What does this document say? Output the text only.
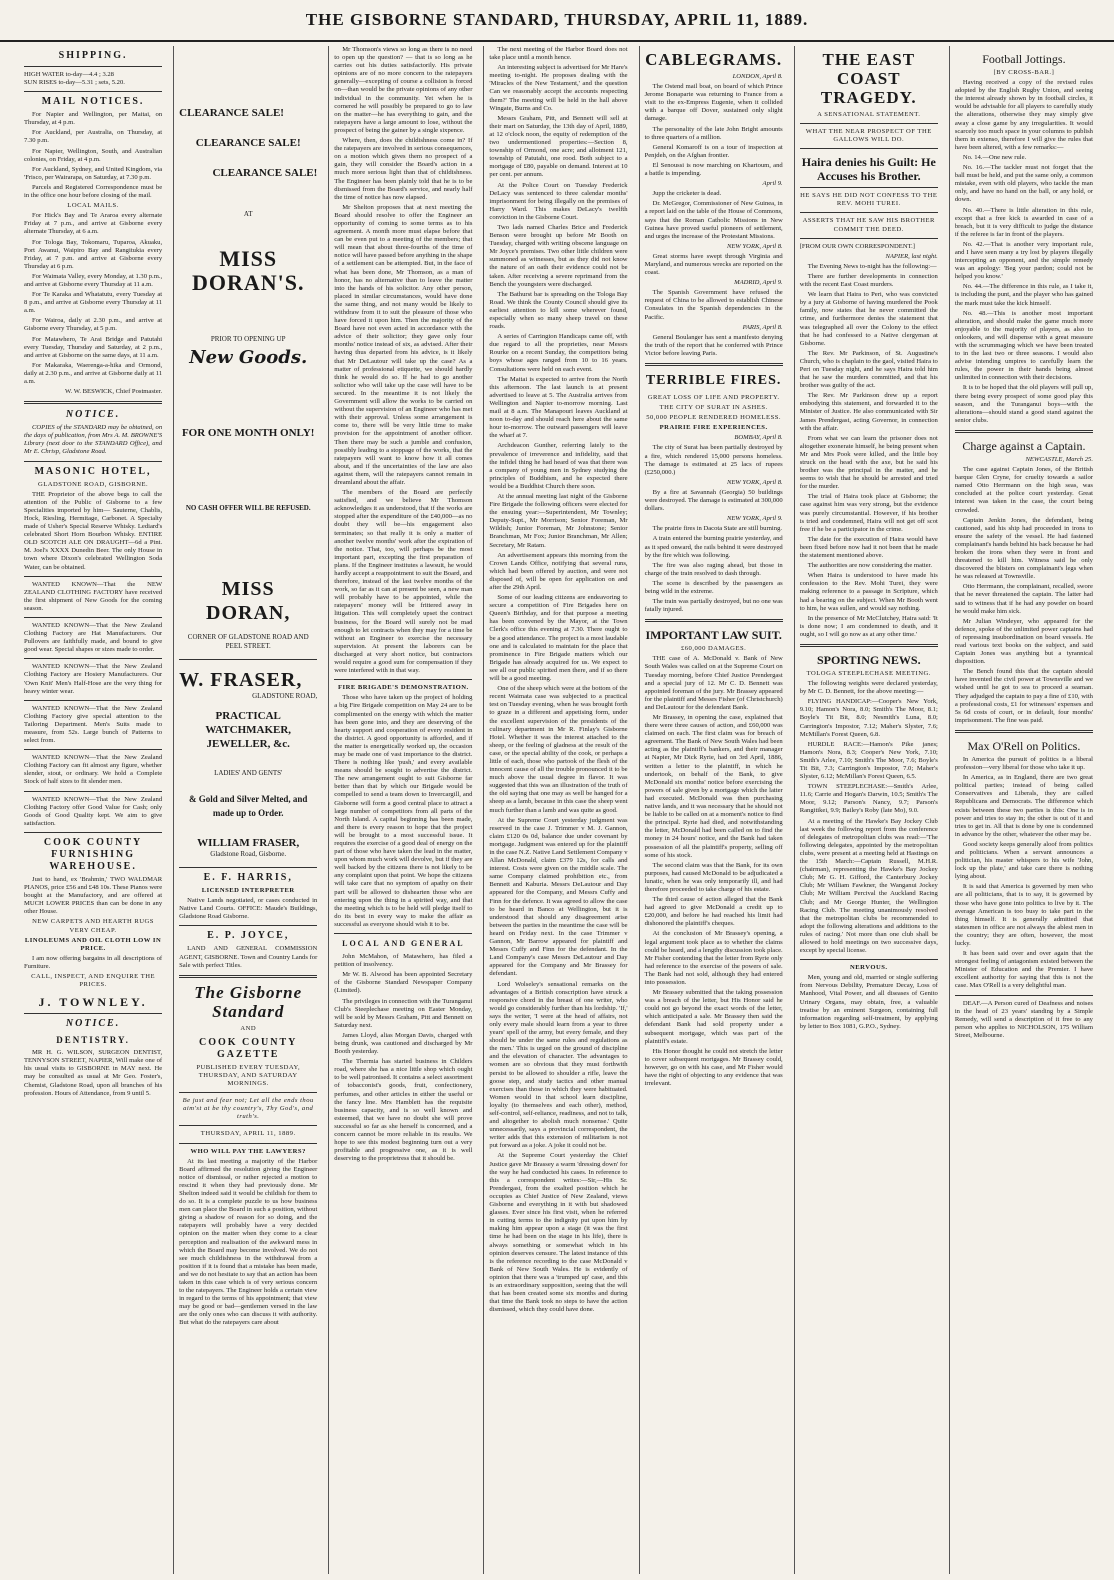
THE GISBORNE STANDARD, THURSDAY, APRIL 11, 1889.
SHIPPING.
HIGH WATER to-day—4.4 ; 3.28
SUN RISES to-day—5.31 ; sets, 5.20.
MAIL NOTICES.

For Napier and Wellington, per Maitai, on Thursday, at 4 p.m.

For Auckland, per Australia, on Thursday, at 7.30 p.m.

For Napier, Wellington, South, and Australian colonies, on Friday, at 4 p.m.

For Auckland, Sydney, and United Kingdom, via 'Frisco, per Wairarapa, on Saturday, at 7.30 p.m.

Parcels and Registered Correspondence must be in the office one hour before closing of the mail.

LOCAL MAILS.

For Hick's Bay and Te Araroa every alternate Friday at 7 p.m., and arrive at Gisborne every alternate Thursday, at 6 a.m.

For Tologa Bay, Tokomaru, Tuparoa, Akuaku, Port Awanui, Waipiro Bay and Rangitukia every Friday, at 7 p.m. and arrive at Gisborne every Thursday at 6 p.m.

For Waimata Valley, every Monday, at 1.30 p.m., and arrive at Gisborne every Thursday at 11 a.m.

For Te Karaka and Whatatutu, every Tuesday at 8 p.m., and arrive at Gisborne every Thursday at 11 a.m.

For Wairoa, daily at 2.30 p.m., and arrive at Gisborne every Thursday, at 5 p.m.

For Matawhero, Te Arai Bridge and Patutahi every Tuesday, Thursday and Saturday, at 2 p.m., and arrive at Gisborne on the same days, at 11 a.m.

For Makaraka, Waerenga-a-hika and Ormond, daily at 2.30 p.m., and arrive at Gisborne daily at 11 a.m.

W. W. BESWICK, Chief Postmaster.
NOTICE.

COPIES of the STANDARD may be obtained, on the days of publication, from Mrs A. M. BROWNE'S Library (next door to the STANDARD Office), and Mr E. Chrisp, Gladstone Road.

MASONIC HOTEL,
GLADSTONE ROAD, GISBORNE.

THE Proprietor of the above begs to call the attention of the Public of Gisborne to a few Specialities imported by him— Sauterne, Chablis, Hock, Riesling, Hermitage, Carbonet. A Specialty made of Usher's Special Reserve Whisky. Lediard's celebrated Short Horn Bourbon Whisky. ENTIRE OLD SCOTCH ALE ON DRAUGHT—6d a Pint. M. Joel's XXXX Dunedin Beer. The only House in town where Dixon's celebrated Wellington Soda Water, can be obtained.

WANTED KNOWN—That the NEW ZEALAND CLOTHING FACTORY have received the first shipment of New Goods for the coming season.

WANTED KNOWN—That the New Zealand Clothing Factory are Hat Manufacturers. Our Pullovers are faithfully made, and bound to give good wear. Special shapes or sizes made to order.

WANTED KNOWN—That the New Zealand Clothing Factory are Hosiery Manufacturers. Our 'Own Knit' Men's Half-Hose are the very thing for heavy winter wear.

WANTED KNOWN—That the New Zealand Clothing Factory give special attention to the Tailoring Department. Men's Suits made to measure, from 52s. Large bunch of Patterns to select from.

WANTED KNOWN—That the New Zealand Clothing Factory can fit almost any figure, whether slender, stout, or ordinary. We hold a Complete Stock of half sizes to fit slender men.

WANTED KNOWN—That the New Zealand Clothing Factory offer Good Value for Cash; only Goods of Good Quality kept. We aim to give satisfaction.

COOK COUNTY FURNISHING WAREHOUSE.

Just to hand, ex 'Brahmin,' TWO WALDMAR PIANOS, price £56 and £48 10s. These Pianos were bought at the Manufactory, and are offered at MUCH LOWER PRICES than can be done in any other House.

NEW CARPETS AND HEARTH RUGS VERY CHEAP.
LINOLEUMS AND OIL CLOTH LOW IN PRICE.

I am now offering bargains in all descriptions of Furniture.

CALL, INSPECT, AND ENQUIRE THE PRICES.
J. TOWNLEY.
NOTICE.
DENTISTRY.

MR H. G. WILSON, SURGEON DENTIST, TENNYSON STREET, NAPIER, Will make one of his usual visits to GISBORNE in MAY next. He may be consulted as usual at Mr Geo. Foster's, Chemist, Gladstone Road, upon all branches of his profession. Hours of Attendance, from 9 until 5.

CLEARANCE SALE!
CLEARANCE SALE!
CLEARANCE SALE!
AT
MISS DORAN'S.
PRIOR TO OPENING UP
New Goods.
FOR ONE MONTH ONLY!
NO CASH OFFER WILL BE REFUSED.
MISS DORAN,
CORNER OF GLADSTONE ROAD AND PEEL STREET.
W. FRASER,
GLADSTONE ROAD,
PRACTICAL WATCHMAKER,
JEWELLER, &c.
LADIES' AND GENTS'
& Gold and Silver Melted, and made up to Order.
WILLIAM FRASER,
Gladstone Road, Gisborne.
E. F. HARRIS,
LICENSED INTERPRETER

Native Lands negotiated, or cases conducted in Native Land Courts. OFFICE: Maude's Buildings, Gladstone Road Gisborne.

E. P. JOYCE,

LAND AND GENERAL COMMISSION AGENT, GISBORNE. Town and Country Lands for Sale with perfect Titles.

The Gisborne Standard
AND
COOK COUNTY GAZETTE
PUBLISHED EVERY TUESDAY, THURSDAY, AND SATURDAY MORNINGS.
Be just and fear not; Let all the ends thou aim'st at be thy country's, Thy God's, and truth's.
THURSDAY, APRIL 11, 1889.
WHO WILL PAY THE LAWYERS?

At its last meeting a majority of the Harbor Board affirmed the resolution giving the Engineer notice of dismissal, or rather rejected a motion to rescind it when they had previously done. Mr Shelton indeed said it would be childish for them to do so. It is a complete puzzle to us how business men can place the Board in such a position, without giving a shadow of reason for so doing, and the ratepayers will probably have a very decided opinion on the matter when they come to a clear perception and realisation of the awkward mess in which the Board may become involved. We do not see much childishness in the withdrawal from a position if it is found that a mistake has been made, and we do not hesitate to say that an action has been taken in this case which is of very serious concern to the ratepayers. The Engineer holds a certain view in regard to the terms of his appointment; that view may be good or bad—gentlemen versed in the law are the only ones who can discuss it with authority. But what do the ratepayers care about

Mr Thomson's views so long as there is no need to open up the question? — that is so long as he carries out his duties satisfactorily. His private opinions are of no more concern to the ratepayers generally—excepting of course a collision is forced on—than would be the private opinions of any other individual in the community. Yet when he is cornered he will possibly be prepared to go to law on the matter—he has everything to gain, and the ratepayers have a large amount to lose, without the prospect of being the gainer by a single sixpence.

Where, then, does the childishness come in? If the ratepayers are involved in serious consequences, on a motion which gives them no prospect of a gain, they will consider the Board's action in a much more serious light than that of childishness. The Engineer has been plainly told that he is to be dismissed from the Board's service, and nearly half the time of notice has now elapsed.

Mr Shelton proposes that at next meeting the Board should resolve to offer the Engineer an opportunity of coming to some terms as to his agreement. A month more must elapse before that can be even put to a meeting of the members; that will mean that about three-fourths of the time of notice will have passed before anything in the shape of a settlement can be attempted. But, in the face of what has been done, Mr Thomson, as a man of honor, has no alternative than to leave the matter into the hands of his solicitor. Any other person, placed in similar circumstances, would have done the same thing, and not many would be likely to withdraw from it to suit the pleasure of those who have forced it upon him. Then the majority of the Board have not even acted in accordance with the advice of their solicitor; they gave only four months' notice instead of six, as advised. After their having thus departed from his advice, is it likely that Mr DeLautour will take up the case? As a matter of professional etiquette, we should hardly think he would do so. If he had to go another solicitor who will take up the case will have to be secured. In the meantime it is not likely the Government will allow the works to be carried on without the supervision of an Engineer who has met with their approval. Unless some arrangement is come to, there will be very little time to make provision for the appointment of another officer. Then there may be such a jumble and confusion, possibly leading to a stoppage of the works, that the ratepayers will want to know how it all comes about, and if the uncertainties of the law are also against them, will the ratepayers cannot remain in dreamland about the affair.

The members of the Board are perfectly satisfied, and we believe Mr Thomson acknowledges it as understood, that if the works are stopped after the expenditure of the £40,000—as no doubt they will be—his engagement also terminates; so that really it is only a matter of another twelve months' work after the expiration of the notice. That, too, will perhaps be the most important part, excepting the first preparation of plans. If the Engineer institutes a lawsuit, he would hardly accept a reappointment to suit the Board, and therefore, instead of the last twelve months of the work, so far as it can at present be seen, a new man will probably have to be appointed, while the ratepayers' money will be frittered away in litigation. This will completely upset the contract business, for the Board will surely not be mad enough to let contracts when they may for a time be without an Engineer to exercise the necessary supervision. At present the laborers can be discharged at very short notice, but contractors would require a good sum for compensation if they were interfered with in that way.

FIRE BRIGADE'S DEMONSTRATION.

Those who have taken up the project of holding a big Fire Brigade competition on May 24 are to be complimented on the energy with which the matter has been gone into, and they are deserving of the hearty support and cooperation of every resident in the district. A good opportunity is afforded, and if the matter is energetically worked up, the occasion may be made one of vast importance to the district. There is nothing like 'push,' and every available means should be sought to advertise the district. The new arrangement ought to suit Gisborne far better than that by which our Brigade would be compelled to send a team down to Invercargill, and Gisborne will form a good central place to attract a large number of competitors from all parts of the North Island. A capital beginning has been made, and there is every reason to hope that the project will be brought to a most successful issue. It requires the exercise of a good deal of energy on the part of those who have taken the lead in the matter, upon whom much work will devolve, but if they are well backed by the citizens there is not likely to be any complaint upon that point. We hope the citizens will take care that no symptom of apathy on their part will be allowed to dishearten those who are entering upon the thing in a spirited way, and that the meeting which is to be held will pledge itself to do its best in every way to make the affair as successful as everyone should wish it to be.

LOCAL AND GENERAL

John McMahon, of Matawhero, has filed a petition of insolvency.

Mr W. B. Alwood has been appointed Secretary of the Gisborne Standard Newspaper Company (Limited).

The privileges in connection with the Turanganui Club's Steeplechase meeting on Easter Monday, will be sold by Messrs Graham, Pitt and Bennett on Saturday next.

James Lloyd, alias Morgan Davis, charged with being drunk, was cautioned and discharged by Mr Booth yesterday.

The Thermia has started business in Childers road, where she has a nice little shop which ought to be well patronised. It contains a select assortment of tobacconist's goods, fruit, confectionery, perfumes, and other articles in either the useful or the fancy line. Mrs Hamblett has the requisite business capacity, and is so well known and esteemed, that we have no doubt she will prove successful so far as she herself is concerned, and a concern cannot be more reliable in its results. We hope to see this modest beginning turn out a very profitable and progressive one, as it is well deserving to the proprietress that it should be.

The next meeting of the Harbor Board does not take place until a month hence.

An interesting subject is advertised for Mr Hare's meeting to-night. He proposes dealing with the 'Miracles of the New Testament,' and the question Can we reasonably accept the accounts respecting them?' The meeting will be held in the hall above Wingate, Burns and Co.

Messrs Graham, Pitt, and Bennett will sell at their mart on Saturday, the 13th day of April, 1889, at 12 o'clock noon, the equity of redemption of the two undermentioned properties:—Section 8, township of Ormond, one acre; and allotment 121, township of Patutahi, one rood. Both subject to a mortgage of £80, payable on demand. Interest at 10 per cent. per annum.

At the Police Court on Tuesday Frederick DeLacy was sentenced to three calendar months' imprisonment for being illegally on the premises of Harry Ward. This makes DeLacy's twelfth conviction in the Gisborne Court.

Two lads named Charles Brice and Frederick Benson were brought up before Mr Booth on Tuesday, charged with writing obscene language on Mr Joyce's premises. Two other little children were summoned as witnesses, but as they did not know the nature of an oath their evidence could not be taken. After receiving a severe reprimand from the Bench the youngsters were discharged.

The Bathurst bar is spreading on the Tologa Bay Road. We think the County Council should give its earliest attention to kill some wherever found, especially when so many sheep travel on these roads.

A series of Carrington Handicaps came off, with due regard to all the proprieties, near Messrs Rourke on a recent Sunday, the competitors being boys whose ages ranged from 10 to 16 years. Consultations were held on each event.

The Maitai is expected to arrive from the North this afternoon. The last launch is at present advertised to leave at 5. The Australia arrives from Wellington and Napier to-morrow morning. Last mail at 8 a.m. The Manapouri leaves Auckland at noon to-day and should reach here about the same hour to-morrow. The outward passengers will leave the wharf at 7.

Archdeacon Gunther, referring lately to the prevalence of irreverence and infidelity, said that the infidel thing he had heard of was that there was a company of young men in Sydney studying the principles of Buddhism, and he expected there would be a Buddhist Church there soon.

At the annual meeting last night of the Gisborne Fire Brigade the following officers were elected for the ensuing year:—Superintendent, Mr Townley; Deputy-Supt., Mr Morrison; Senior Foreman, Mr Wildish; Junior Foreman, Mr Johnstone; Senior Branchman, Mr Fox; Junior Branchman, Mr Allen; Secretary, Mr Ratam.

An advertisement appears this morning from the Crown Lands Office, notifying that several runs, which had been offered by auction, and were not disposed of, will be open for application on and after the 29th April.

Some of our leading citizens are endeavoring to secure a competition of Fire Brigades here on Queen's Birthday, and for that purpose a meeting has been convened by the Mayor, at the Town Clerk's office this evening at 7.30. There ought to be a good attendance. The project is a most laudable one and is calculated to maintain for the place that prominence in Fire Brigade matters which our Brigade has already acquired for us. We expect to see all our public spirited men there, and if so there will be a good meeting.

One of the sheep which were at the bottom of the recent Waimata case was subjected to a practical test on Tuesday evening, when he was brought forth to graze in a different and appetising form, under the excellent supervision of the presidents of the culinary department in Mr R. Finlay's Gisborne Hotel. Whether it was the interest attached to the sheep, or the feeling of gladness at the result of the case, or the special ability of the cook, or perhaps a little of each, those who partook of the flesh of the innocent cause of all the trouble pronounced it to be much above the usual degree in flavor. It was suggested that this was an illustration of the truth of the old saying that one may as well be hanged for a sheep as a lamb, because in this case the sheep went much further than a lamb and was quite as good.

At the Supreme Court yesterday judgment was reserved in the case J. Trimmer v M. J. Gannon, claim £120 0s 0d, balance due under covenant by mortgage. Judgment was entered up for the plaintiff in the case N.Z. Native Land Settlement Company v Allan McDonald, claim £379 12s, for calls and interest. Costs were given on the middle scale. The same Company claimed prohibition etc., from Bennett and Kaburia. Messrs DeLautour and Day appeared for the Company, and Messrs Cuffy and Finn for the defence. It was agreed to allow the case to be heard in Banco at Wellington, but it is understood that should any disagreement arise between the parties in the meantime the case will be heard on Friday next. In the case Trimmer v Gannon, Mr Barrow appeared for plaintiff and Messrs Cuffy and Finn for the defendant. In the Land Company's case Messrs DeLautour and Day appeared for the Company and Mr Brassey for defendant.

Lord Wolseley's sensational remarks on the advantages of a British conscription have struck a responsive chord in the breast of one writer, who would go considerably further than his lordship. 'If,' says the writer, 'I were at the head of affairs, not only every male should learn from a year to three years' spell of the army, but every female, and they should be under the same rules and regulations as the men.' This is urged on the ground of discipline and the elevation of character. The advantages to women are so obvious that they must forthwith persist to be allowed to shoulder a rifle, leave the goose step, and study tactics and other manual exercises than those in which they were habituated. Women would in that school learn discipline, loyalty (to themselves and each other), method, self-control, self-reliance, readiness, and not to talk, and altogether to abolish much nonsense.' Quite unnecessarily, says a provincial correspondent, the writer adds that this extension of militarism is not put forward as a joke. A joke it could not be.

At the Supreme Court yesterday the Chief Justice gave Mr Brassey a warm 'dressing down' for the way he had conducted his cases. In reference to this a correspondent writes:—Sir,—His Sr. Prendergast, from the exalted position which he occupies as Chief Justice of New Zealand, views Gisborne and everything in it with but shadowed glasses. Ever since his first visit, when he referred in cutting terms to the indignity put upon him by making him appear upon a stage (it was the first time he had been on the stage in his life), there is always something or somewhat which in his opinion deserves censure. The latest instance of this is the reference recording to the case McDonald v Bank of New South Wales. He is evidently of opinion that there was a 'trumped up' case, and this is an extraordinary supposition, seeing that the will that has been created some six months and during that time the Bank took no steps to have the action dismissed, which they could have done.

CABLEGRAMS.
LONDON, April 8.

The Ostend mail boat, on board of which Prince Jerome Bonaparte was returning to France from a visit to the ex-Empress Eugenie, when it collided with a barque off Dover, sustained only slight damage.

The personality of the late John Bright amounts to three quarters of a million.

General Komaroff is on a tour of inspection at Penjdeh, on the Afghan frontier.

El Senoussi is now marching on Khartoum, and a battle is impending.

April 9.

Jupp the cricketer is dead.

Dr. McGregor, Commissioner of New Guinea, in a report laid on the table of the House of Commons, says that the Roman Catholic Missions in New Guinea have proved useful pioneers of settlement, and urges the increase of the Protestant Missions.

NEW YORK, April 8.

Great storms have swept through Virginia and Maryland, and numerous wrecks are reported on the coast.

MADRID, April 9.

The Spanish Government have refused the request of China to be allowed to establish Chinese Consulates in the Spanish dependencies in the Pacific.

PARIS, April 8.

General Boulanger has sent a manifesto denying the truth of the report that he conferred with Prince Victor before leaving Paris.

TERRIBLE FIRES.
GREAT LOSS OF LIFE AND PROPERTY.
THE CITY OF SURAT IN ASHES.
50,000 PEOPLE RENDERED HOMELESS.
PRAIRIE FIRE EXPERIENCES.
BOMBAY, April 8.

The city of Surat has been partially destroyed by a fire, which rendered 15,000 persons homeless. The damage is estimated at 25 lacs of rupees (£250,000.)

NEW YORK, April 8.

By a fire at Savannah (Georgia) 50 buildings were destroyed. The damage is estimated at 300,000 dollars.

NEW YORK, April 9.

The prairie fires in Dacota State are still burning.

A train entered the burning prairie yesterday, and as it sped onward, the rails behind it were destroyed by the fire which was following.

The fire was also raging ahead, but those in charge of the train resolved to dash through.

The scene is described by the passengers as being wild in the extreme.

The train was partially destroyed, but no one was fatally injured.

IMPORTANT LAW SUIT.
£60,000 DAMAGES.

THE case of A. McDonald v. Bank of New South Wales was called on at the Supreme Court on Tuesday morning, before Chief Justice Prendergast and a special jury of 12. Mr C. D. Bennett was appointed foreman of the jury. Mr Brassey appeared for the plaintiff and Messrs Fisher (of Christchurch) and DeLautour for the defendant Bank.

Mr Brassey, in opening the case, explained that there were three causes of action, and £60,000 was claimed on each. The first claim was for breach of agreement. The Bank of New South Wales had been acting as the plaintiff's bankers, and their manager at Napier, Mr Dick Ryrie, had on 3rd April, 1886, written a letter to the plaintiff, in which he undertook, on behalf of the Bank, to give McDonald six months' notice before exercising the powers of sale given by a mortgage which the latter had executed. McDonald was then purchasing native lands, and it was necessary that he should not be liable to be called on at a moment's notice to find the principal. Ryrie had died, and notwithstanding the letter, McDonald had been called on to find the money in 24 hours' notice, and the Bank had taken possession of all the plaintiff's property, selling off some of his stock.

The second claim was that the Bank, for its own purposes, had caused McDonald to be adjudicated a lunatic, when he was only temporarily ill, and had therefore proceeded to take charge of his estate.

The third cause of action alleged that the Bank had agreed to give McDonald a credit up to £20,000, and before he had reached his limit had dishonored the plaintiff's cheques.

At the conclusion of Mr Brassey's opening, a legal argument took place as to whether the claims could be heard, and a lengthy discussion took place. Mr Fisher contending that the letter from Ryrie only had reference to the exercise of the powers of sale. The Bank had not sold, although they had entered into possession.

Mr Brassey submitted that the taking possession was a breach of the letter, but His Honor said he could not go beyond the exact words of the letter, which anticipated a sale. Mr Brassey then said the defendant Bank had sold property under a subsequent mortgage, which was part of the plaintiff's estate.

His Honor thought he could not stretch the letter to cover subsequent mortgages. Mr Brassey could, however, go on with his case, and Mr Fisher would have the right of objecting to any evidence that was irrelevant.

THE EAST COAST TRAGEDY.
A SENSATIONAL STATEMENT.
WHAT THE NEAR PROSPECT OF THE GALLOWS WILL DO.
Haira denies his Guilt: He Accuses his Brother.
HE SAYS HE DID NOT CONFESS TO THE REV. MOHI TUREI.
ASSERTS THAT HE SAW HIS BROTHER COMMIT THE DEED.
[FROM OUR OWN CORRESPONDENT.]
NAPIER, last night.

The Evening News to-night has the following:—

There are further developments in connection with the recent East Coast murders.

We learn that Haira to Peri, who was convicted by a jury at Gisborne of having murdered the Pook family, now states that he never committed the crime, and furthermore denies the statement that was telegraphed all over the Colony to the effect that he had confessed to a Native clergyman at Gisborne.

The Rev. Mr Parkinson, of St. Augustine's Church, who is chaplain to the gaol, visited Haira to Peri on Tuesday night, and he says Haira told him that he saw the murders committed, and that his brother was guilty of the act.

The Rev. Mr Parkinson drew up a report embodying this statement, and forwarded it to the Minister of Justice. He also communicated with Sir James Prendergast, acting Governor, in connection with the affair.

From what we can learn the prisoner does not altogether exonerate himself, he being present when Mr and Mrs Pook were killed, and the little boy struck on the head with the axe, but he said his brother was the principal in the matter, and he seems to wish that he should be arrested and tried for the murder.

The trial of Haira took place at Gisborne; the case against him was very strong, but the evidence was purely circumstantial. However, if his brother is tried and condemned, Haira will not get off scot free if he be a participator in the crime.

The date for the execution of Haira would have been fixed before now had it not been that he made the statement mentioned above.

The authorities are now considering the matter.

When Haira is understood to have made his confession to the Rev. Mohi Turei, they were making reference to a passage in Scripture, which had a bearing on the subject. When Mr Booth went to him, he was sullen, and would say nothing.

In the presence of Mr McClutchey, Haira said: 'It is done now; I am condemned to death, and it ought, so I will go now as at any other time.'

SPORTING NEWS.
TOLOGA STEEPLECHASE MEETING.

The following weights were declared yesterday, by Mr C. D. Bennett, for the above meeting:—

FLYING HANDICAP:—Cooper's New York, 9.10; Hamon's Nora, 8.0; Smith's The Moor, 8.1; Boyle's Tit Bit, 8.0; Nesmith's Luna, 8.0; Carrington's Impostor, 7.12; Maher's Slyster, 7.6; McMillan's Forest Queen, 6.8.

HURDLE RACE:—Hamon's Pike janes; Hamon's Nora, 8.3; Cooper's New York, 7.10; Smith's Arlee, 7.10; Smith's The Moor, 7.6; Boyle's Tit Bit, 7.3; Carrington's Impostor, 7.0; Maher's Slyster, 6.12; McMillan's Forest Queen, 6.5.

TOWN STEEPLECHASE:—Smith's Arlee, 11.6; Carrie and Hogan's Darwin, 10.5; Smith's The Moor, 9.12; Parson's Nancy, 9.7; Parson's Rangitikei, 9.9; Bailey's Roby (late Mo), 9.0.

At a meeting of the Hawke's Bay Jockey Club last week the following report from the conference of delegates of metropolitan clubs was read:—'The following delegates, appointed by the metropolitan clubs, were present at a meeting held at Hastings on the 15th March:—Captain Russell, M.H.R. (chairman), representing the Hawke's Bay Jockey Club; Mr G. H. Gifford, the Canterbury Jockey Club; Mr William Fawkner, the Wanganui Jockey Club; Mr William Percival the Auckland Racing Club; and Mr George Hunter, the Wellington Racing Club. The meeting unanimously resolved that the metropolitan clubs be recommended to adopt the following alterations and additions to the rules of racing.' Not more than one club shall be allowed to hold meetings on two successive days, except by special license.

NERVOUS.

Men, young and old, married or single suffering from Nervous Debility, Premature Decay, Loss of Manhood, Vital Power, and all diseases of Genito Urinary Organs, may obtain, free, a valuable treatise by an eminent Surgeon, containing full information regarding self-treatment, by applying by letter to Box 1081, G.P.O., Sydney.

Football Jottings.
[BY CROSS-BAR.]

Having received a copy of the revised rules adopted by the English Rugby Union, and seeing the interest already shown by in football circles, it would be advisable for all players to carefully study the alterations, otherwise they may simply give away a close game by any irregularities. It would scarcely too much space in your columns to publish them in extenso, therefore I will give the rules that have been altered, with a few remarks:—

No. 14.—One new rule.

No. 16.—The tackler must not forget that the ball must be held, and put the same only, a common mistake, even with old players, who tackle the man only, and have no hand on the ball, or any hold, or down.

No. 40.—There is little alteration in this rule, except that a free kick is awarded in case of a breach, but it is very difficult to judge the distance if the referee is far in front of the players.

No. 42.—That is another very important rule, and I have seen many a try lost by players illegally intercepting an opponent, and the simple remedy was an apology: 'Beg your pardon; could not be helped you know.'

No. 44.—The difference in this rule, as I take it, is including the punt, and the player who has gained the mark must take the kick himself.

No. 48.—This is another most important alteration, and should make the game much more enjoyable to the majority of players, as also to onlookers, and will dispense with a great measure with the scrummaging which we have been treated to in the last two or three seasons. I would also advise intending umpires to carefully learn the rules, the power in their hands being almost unlimited in connection with their decisions.

It is to be hoped that the old players will pull up, there being every prospect of some good play this season, and the Turanganui boys—with the alterations—should stand a good stand against the senior clubs.

Charge against a Captain.
NEWCASTLE, March 25.

The case against Captain Jones, of the British barque Glen Cryne, for cruelty towards a sailor named Otto Herrmann on the high seas, was concluded at the police court yesterday. Great interest was taken in the case, the court being crowded.

Captain Jenkin Jones, the defendant, being cautioned, said his ship had proceeded in irons to ensure the safety of the vessel. He had fastened complainant's hands behind his back because he had broken the irons when they were in front and threatened to kill him. Witness said he only discovered the blisters on complainant's legs when he was released at Townsville.

Otto Herrmann, the complainant, recalled, swore that he never threatened the captain. The latter had said to witness that if he had any powder on board he would make him sick.

Mr Julian Windeyer, who appeared for the defence, spoke of the unlimited power captains had of repressing insubordination on board vessels. He read various text books on the subject, and said Captain Jones was anything but a tyrannical disposition.

The Bench found this that the captain should have invented the civil power at Townsville and we wished until he got to sea to proceed a seaman. They adjudged the captain to pay a fine of £10, with a professional costs, £1 for witnesses' expenses and 5s 6d costs of court, or in default, four months' imprisonment. The fine was paid.

Max O'Rell on Politics.

In America the pursuit of politics is a liberal profession—very liberal for those who take it up.

In America, as in England, there are two great political parties; instead of being called Conservatives and Liberals, they are called Republicans and Democrats. The difference which exists between these two parties is this: One is in power and tries to stay in; the other is out of it and tries to get in. All that is done by one is condemned in advance by the other, whatever the other may be.

Good society keeps generally aloof from politics and politicians. When a servant announces a politician, his master whispers to his wife 'John, lock up the plate,' and take care there is nothing lying about.

It is said that America is governed by men who are all politicians, that is to say, it is governed by those who have gone into politics to live by it. The average American is too busy to take part in the thing himself. It is generally admitted that statesmen in office are not always the ablest men in the country; they are often, however, the most lucky.

It has been said over and over again that the strongest feeling of antagonism existed between the Minister of Education and the Premier. I have excellent authority for saying that this is not the case. Max O'Rell is a very delightful man.

DEAF.—A Person cured of Deafness and noises in the head of 23 years' standing by a Simple Remedy, will send a description of it free to any person who applies to NICHOLSON, 175 William Street, Melbourne.
